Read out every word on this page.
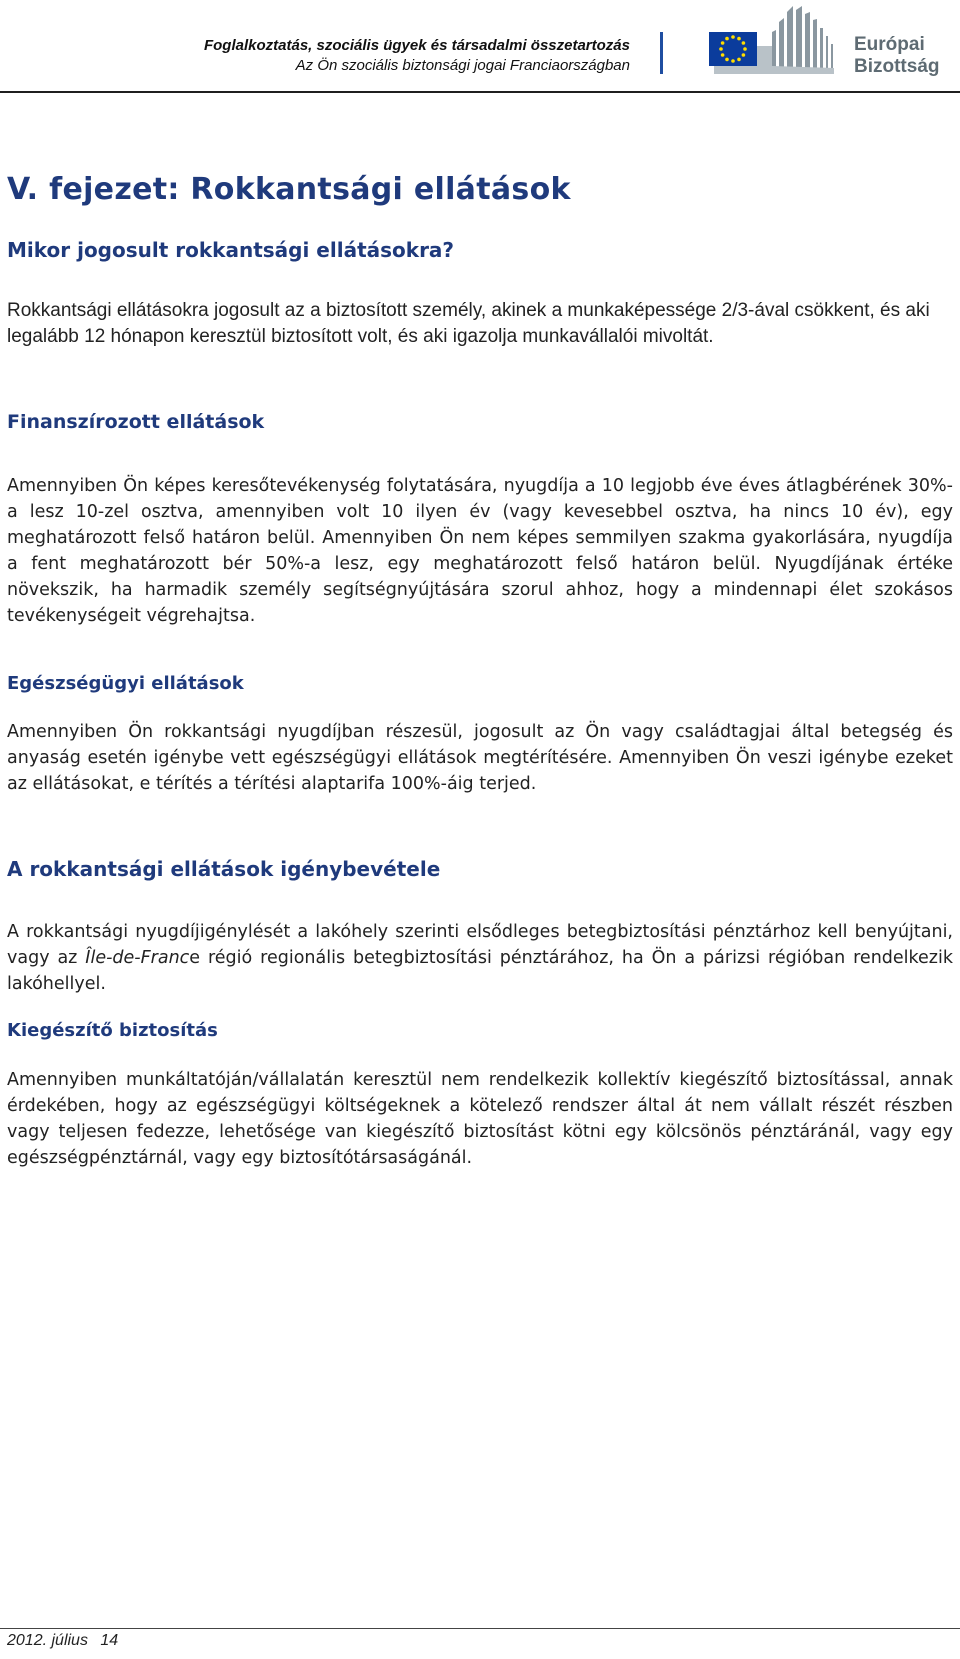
Foglalkoztatás, szociális ügyek és társadalmi összetartozás
Az Ön szociális biztonsági jogai Franciaországban
Európai
Bizottság
V. fejezet: Rokkantsági ellátások
Mikor jogosult rokkantsági ellátásokra?

Rokkantsági ellátásokra jogosult az a biztosított személy, akinek a munkaképessége 2/3-ával csökkent, és aki legalább 12 hónapon keresztül biztosított volt, és aki igazolja munkavállalói mivoltát.

Finanszírozott ellátások

Amennyiben Ön képes keresőtevékenység folytatására, nyugdíja a 10 legjobb éve éves átlagbérének 30%-a lesz 10-zel osztva, amennyiben volt 10 ilyen év (vagy kevesebbel osztva, ha nincs 10 év), egy meghatározott felső határon belül. Amennyiben Ön nem képes semmilyen szakma gyakorlására, nyugdíja a fent meghatározott bér 50%-a lesz, egy meghatározott felső határon belül. Nyugdíjának értéke növekszik, ha harmadik személy segítségnyújtására szorul ahhoz, hogy a mindennapi élet szokásos tevékenységeit végrehajtsa.

Egészségügyi ellátások

Amennyiben Ön rokkantsági nyugdíjban részesül, jogosult az Ön vagy családtagjai által betegség és anyaság esetén igénybe vett egészségügyi ellátások megtérítésére. Amennyiben Ön veszi igénybe ezeket az ellátásokat, e térítés a térítési alaptarifa 100%-áig terjed.

A rokkantsági ellátások igénybevétele

A rokkantsági nyugdíjigénylését a lakóhely szerinti elsődleges betegbiztosítási pénztárhoz kell benyújtani, vagy az Île-de-France régió regionális betegbiztosítási pénztárához, ha Ön a párizsi régióban rendelkezik lakóhellyel.

Kiegészítő biztosítás

Amennyiben munkáltatóján/vállalatán keresztül nem rendelkezik kollektív kiegészítő biztosítással, annak érdekében, hogy az egészségügyi költségeknek a kötelező rendszer által át nem vállalt részét részben vagy teljesen fedezze, lehetősége van kiegészítő biztosítást kötni egy kölcsönös pénztáránál, vagy egy egészségpénztárnál, vagy egy biztosítótársaságánál.

2012. július 14
